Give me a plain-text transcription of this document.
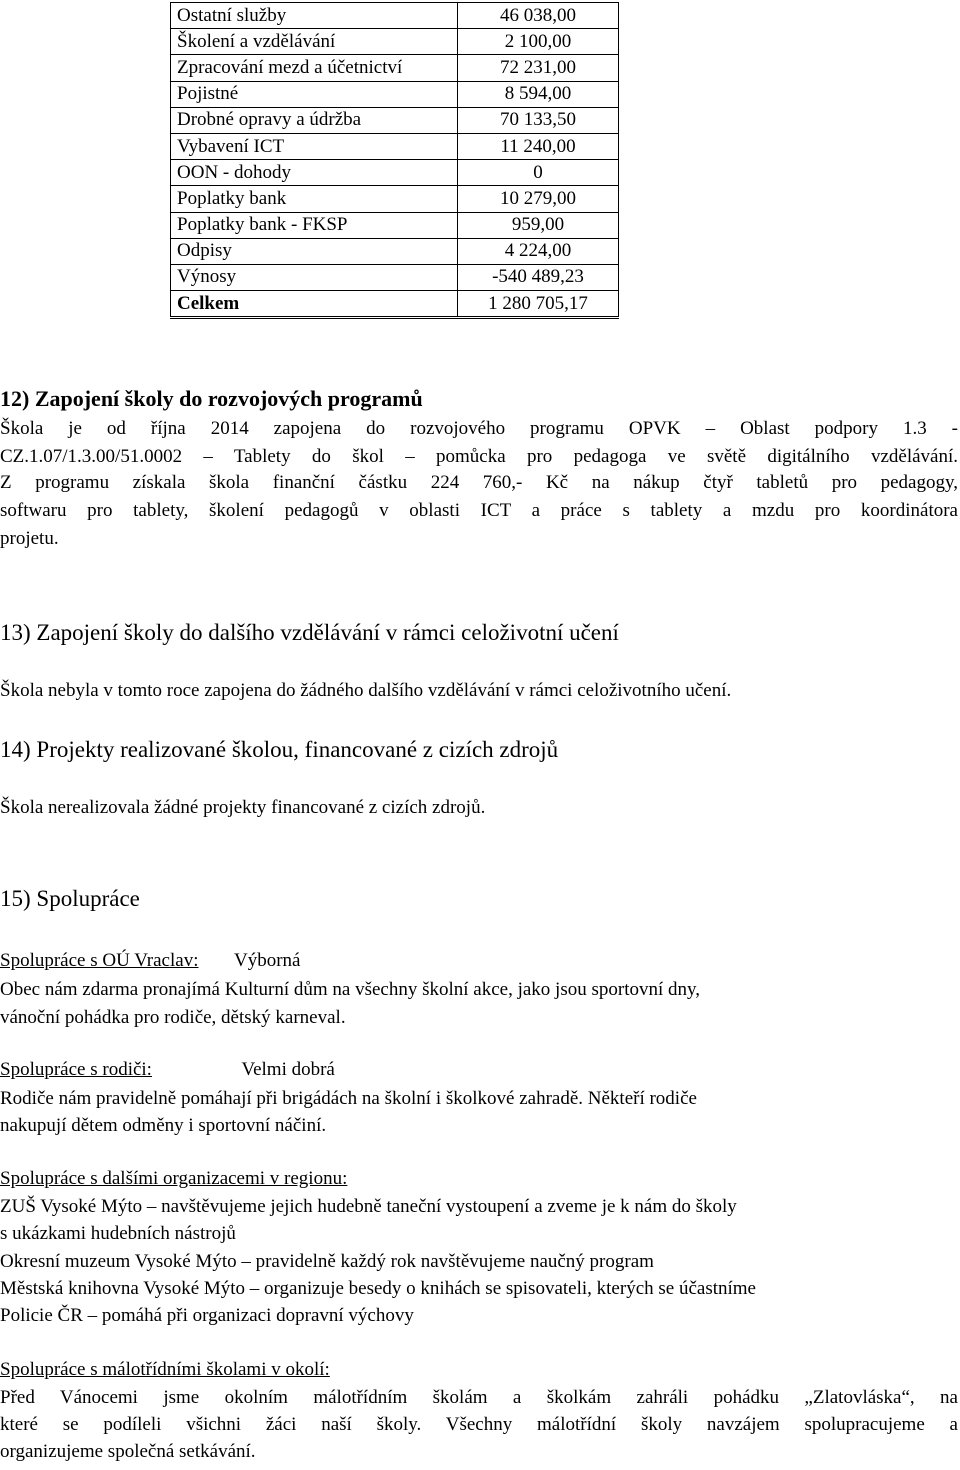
Ostatní služby	46 038,00
Školení a vzdělávání	2 100,00
Zpracování mezd a účetnictví	72 231,00
Pojistné	8 594,00
Drobné opravy a údržba	70 133,50
Vybavení ICT	11 240,00
OON - dohody	0
Poplatky bank	10 279,00
Poplatky bank - FKSP	959,00
Odpisy	4 224,00
Výnosy	-540 489,23
Celkem	1 280 705,17
12) Zapojení školy do rozvojových programů
Škola je od října 2014 zapojena do rozvojového programu OPVK – Oblast podpory 1.3 -
CZ.1.07/1.3.00/51.0002 – Tablety do škol – pomůcka pro pedagoga ve světě digitálního vzdělávání.
Z programu získala škola finanční částku 224 760,- Kč na nákup čtyř tabletů pro pedagogy,
softwaru pro tablety, školení pedagogů v oblasti ICT a práce s tablety a mzdu pro koordinátora
projetu.
13) Zapojení školy do dalšího vzdělávání v rámci celoživotní učení
Škola nebyla v tomto roce zapojena do žádného dalšího vzdělávání v rámci celoživotního učení.
14) Projekty realizované školou, financované z cizích zdrojů
Škola nerealizovala žádné projekty financované z cizích zdrojů.
15) Spolupráce
Spolupráce s OÚ Vraclav: Výborná
Obec nám zdarma pronajímá Kulturní dům na všechny školní akce, jako jsou sportovní dny,
vánoční pohádka pro rodiče, dětský karneval.
Spolupráce s rodiči:	Velmi dobrá
Rodiče nám pravidelně pomáhají při brigádách na školní i školkové zahradě. Někteří rodiče
nakupují dětem odměny i sportovní náčiní.
Spolupráce s dalšími organizacemi v regionu:
ZUŠ Vysoké Mýto – navštěvujeme jejich hudebně taneční vystoupení a zveme je k nám do školy
s ukázkami hudebních nástrojů
Okresní muzeum Vysoké Mýto – pravidelně každý rok navštěvujeme naučný program
Městská knihovna Vysoké Mýto – organizuje besedy o knihách se spisovateli, kterých se účastníme
Policie ČR – pomáhá při organizaci dopravní výchovy
Spolupráce s málotřídními školami v okolí:
Před Vánocemi jsme okolním málotřídním školám a školkám zahráli pohádku „Zlatovláska“, na
které se podíleli všichni žáci naší školy. Všechny málotřídní školy navzájem spolupracujeme a
organizujeme společná setkávání.
